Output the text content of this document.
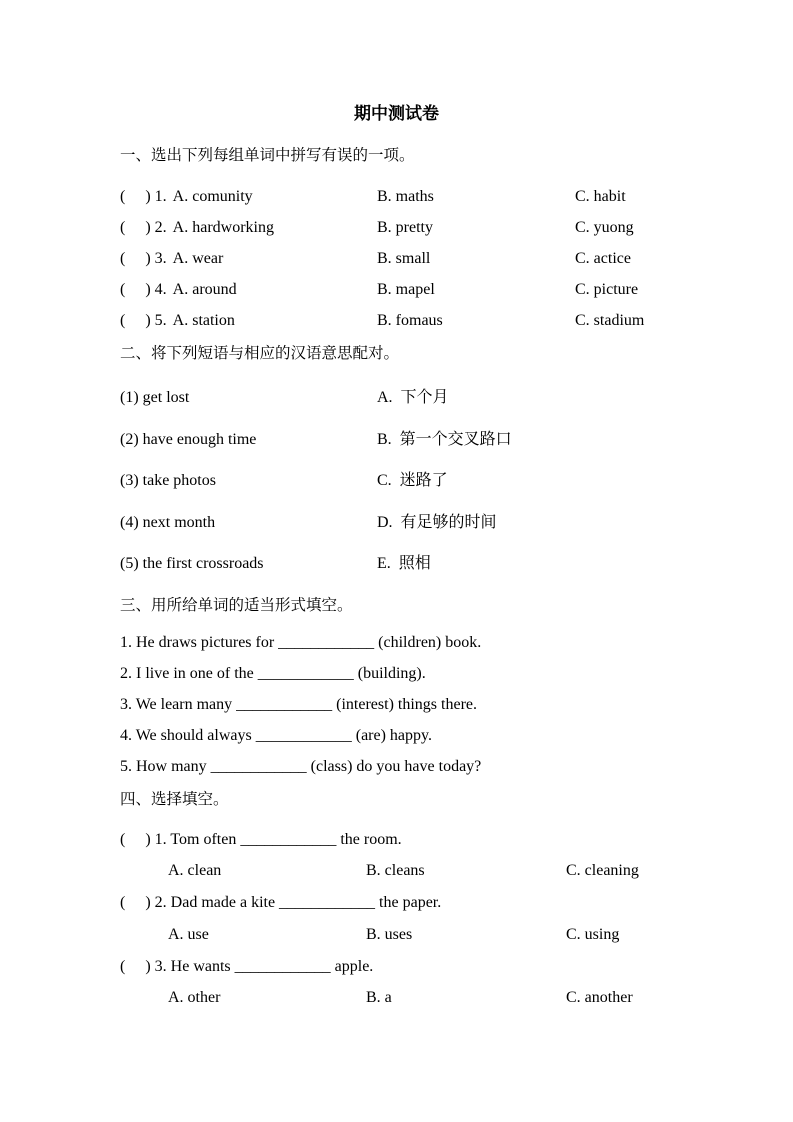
期中测试卷
一、选出下列每组单词中拼写有误的一项。
(     ) 1. A. comunity	B. maths	C. habit
(     ) 2. A. hardworking	B. pretty	C. yuong
(     ) 3. A. wear	B. small	C. actice
(     ) 4. A. around	B. mapel	C. picture
(     ) 5. A. station	B. fomaus	C. stadium
二、将下列短语与相应的汉语意思配对。
(1) get lost	A.  下个月
(2) have enough time	B.  第一个交叉路口
(3) take photos	C.  迷路了
(4) next month	D.  有足够的时间
(5) the first crossroads	E.  照相
三、用所给单词的适当形式填空。
1. He draws pictures for ____________ (children) book.
2. I live in one of the ____________ (building).
3. We learn many ____________ (interest) things there.
4. We should always ____________ (are) happy.
5. How many ____________ (class) do you have today?
四、选择填空。
(     ) 1. Tom often ____________ the room.
A. clean	B. cleans	C. cleaning
(     ) 2. Dad made a kite ____________ the paper.
A. use	B. uses	C. using
(     ) 3. He wants ____________ apple.
A. other	B. a	C. another
